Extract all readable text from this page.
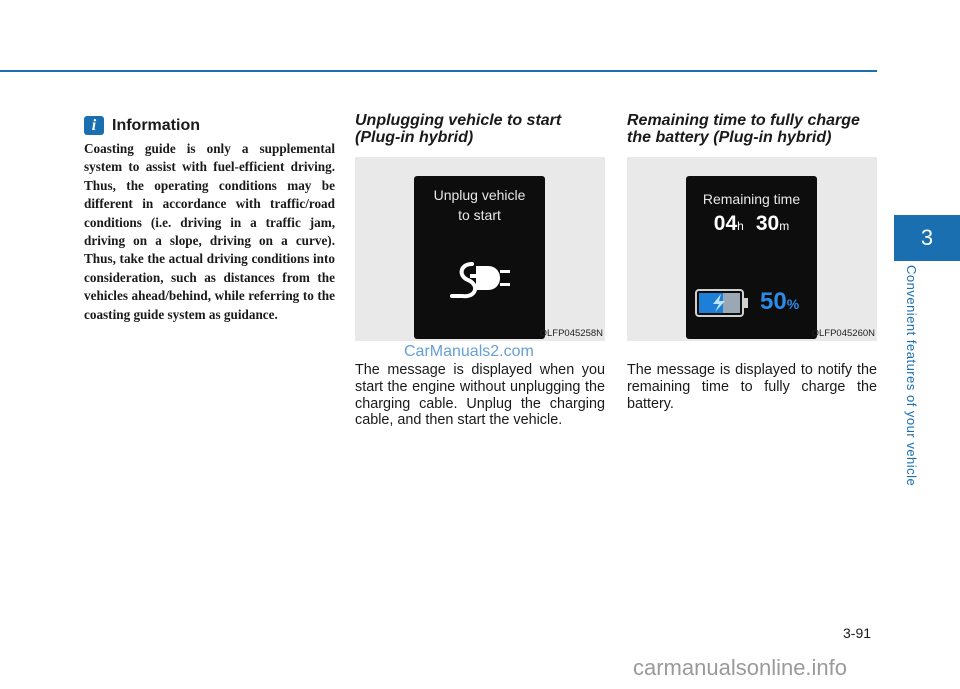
3
Convenient features of your vehicle
i Information

Coasting guide is only a supplemental system to assist with fuel-efficient driving. Thus, the operating conditions may be different in accordance with traffic/road conditions (i.e. driving in a traffic jam, driving on a slope, driving on a curve). Thus, take the actual driving conditions into consideration, such as distances from the vehicles ahead/behind, while referring to the coasting guide system as guidance.

Unplugging vehicle to start
(Plug-in hybrid)
Unplug vehicle
to start
OLFP045258N

The message is displayed when you start the engine without unplugging the charging cable. Unplug the charging cable, and then start the vehicle.

Remaining time to fully charge
the battery (Plug-in hybrid)
Remaining time
04h 30m
50%
OLFP045260N

The message is displayed to notify the remaining time to fully charge the battery.

CarManuals2.com
3-91
carmanualsonline.info
